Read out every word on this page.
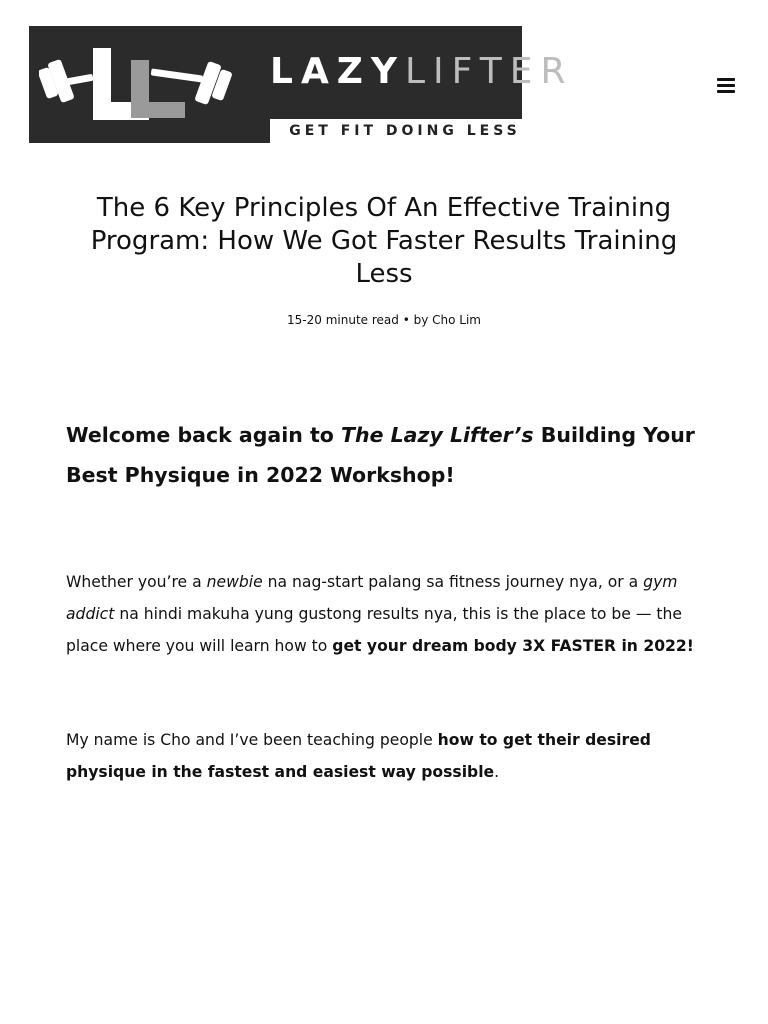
LAZYLIFTER
GET FIT DOING LESS
The 6 Key Principles Of An Effective Training Program: How We Got Faster Results Training Less
15-20 minute read • by Cho Lim
Welcome back again to The Lazy Lifter’s Building Your Best Physique in 2022 Workshop!

Whether you’re a newbie na nag-start palang sa fitness journey nya, or a gym addict na hindi makuha yung gustong results nya, this is the place to be — the place where you will learn how to get your dream body 3X FASTER in 2022!

My name is Cho and I’ve been teaching people how to get their desired physique in the fastest and easiest way possible.
